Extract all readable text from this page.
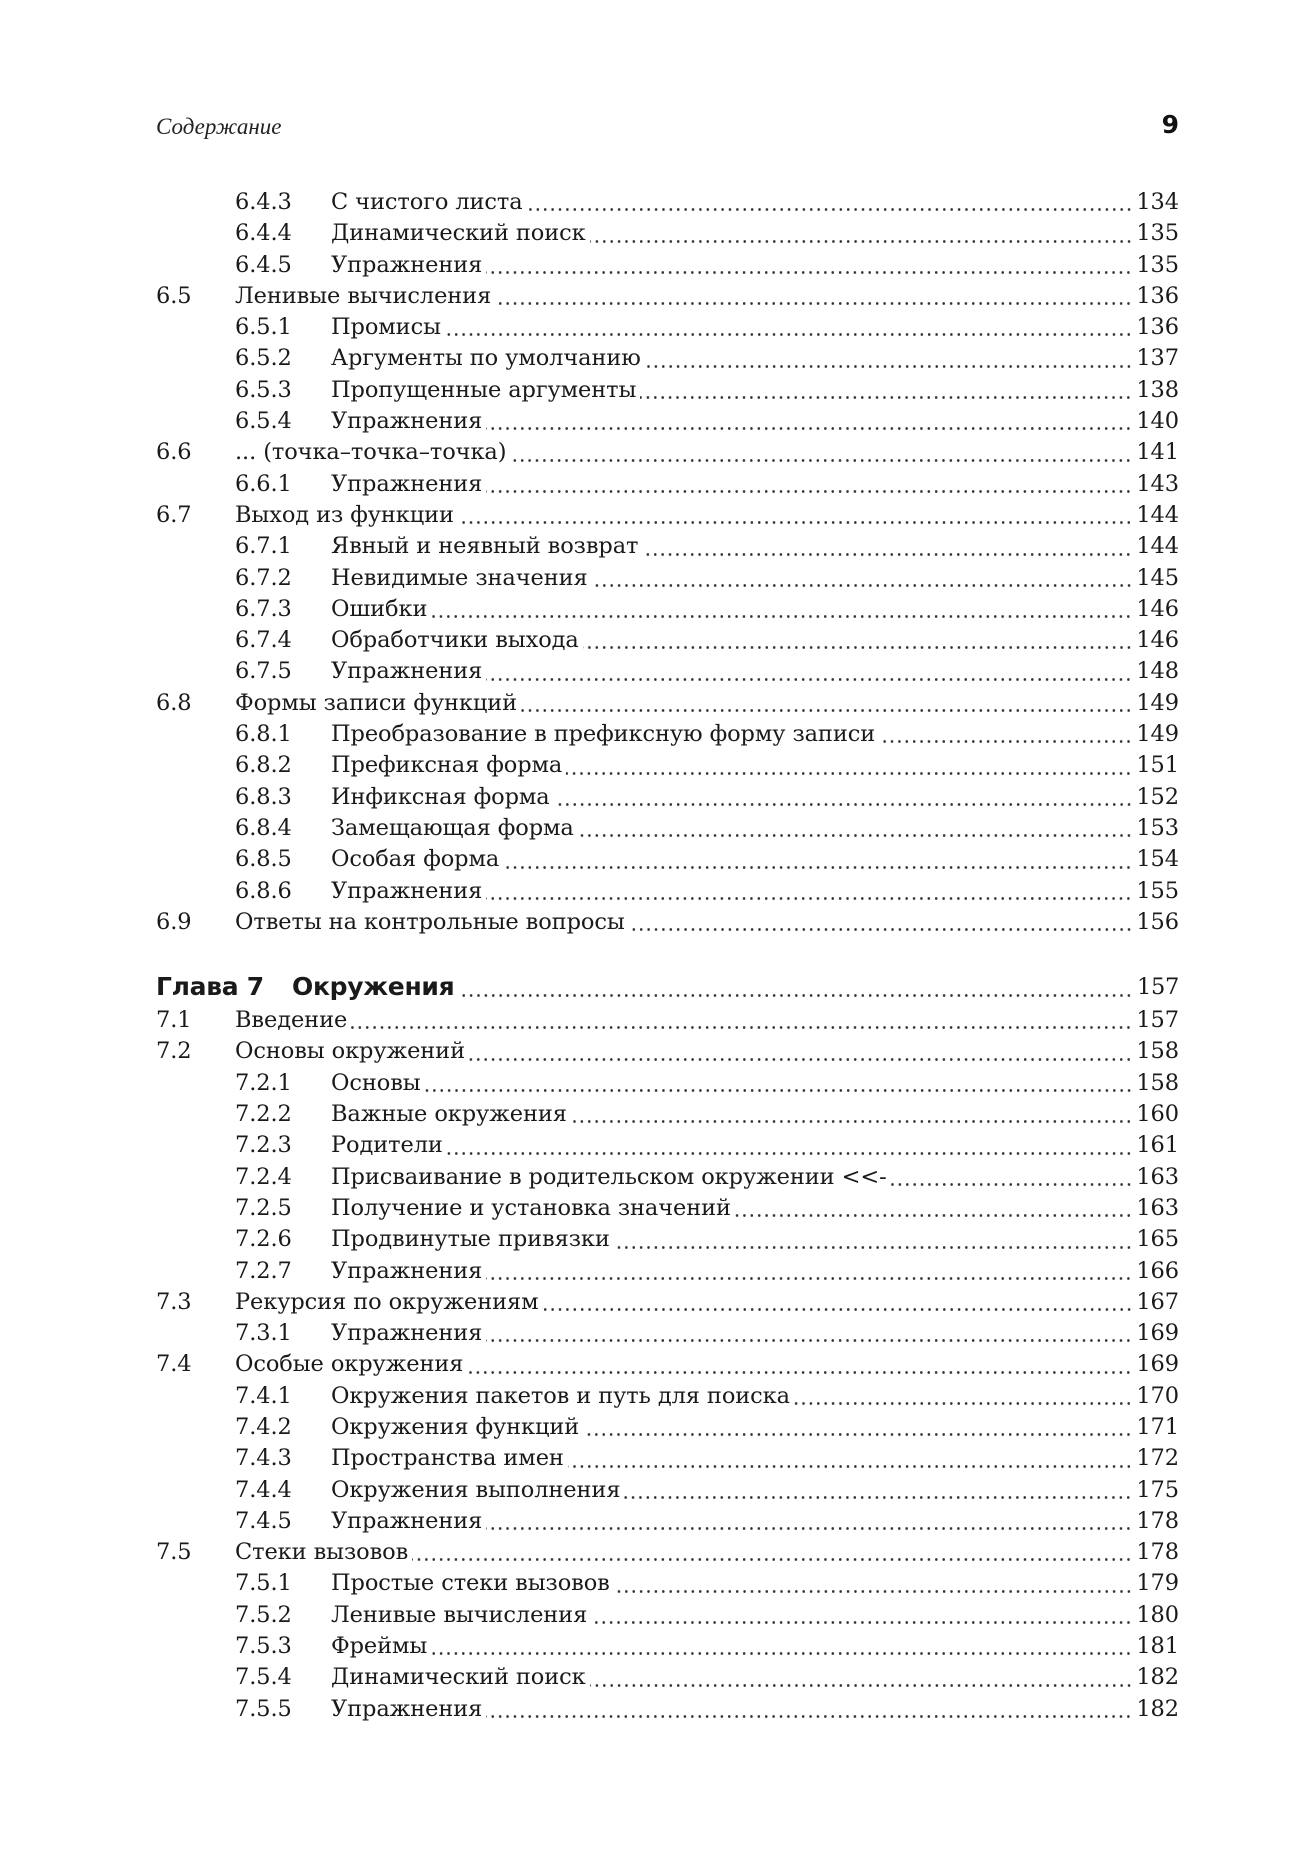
Содержание	9
6.4.3	С чистого листа	134
6.4.4	Динамический поиск	135
6.4.5	Упражнения	135
6.5	Ленивые вычисления	136
6.5.1	Промисы	136
6.5.2	Аргументы по умолчанию	137
6.5.3	Пропущенные аргументы	138
6.5.4	Упражнения	140
6.6	... (точка–точка–точка)	141
6.6.1	Упражнения	143
6.7	Выход из функции	144
6.7.1	Явный и неявный возврат	144
6.7.2	Невидимые значения	145
6.7.3	Ошибки	146
6.7.4	Обработчики выхода	146
6.7.5	Упражнения	148
6.8	Формы записи функций	149
6.8.1	Преобразование в префиксную форму записи	149
6.8.2	Префиксная форма	151
6.8.3	Инфиксная форма	152
6.8.4	Замещающая форма	153
6.8.5	Особая форма	154
6.8.6	Упражнения	155
6.9	Ответы на контрольные вопросы	156
Глава 7	Окружения	157
7.1	Введение	157
7.2	Основы окружений	158
7.2.1	Основы	158
7.2.2	Важные окружения	160
7.2.3	Родители	161
7.2.4	Присваивание в родительском окружении <<-	163
7.2.5	Получение и установка значений	163
7.2.6	Продвинутые привязки	165
7.2.7	Упражнения	166
7.3	Рекурсия по окружениям	167
7.3.1	Упражнения	169
7.4	Особые окружения	169
7.4.1	Окружения пакетов и путь для поиска	170
7.4.2	Окружения функций	171
7.4.3	Пространства имен	172
7.4.4	Окружения выполнения	175
7.4.5	Упражнения	178
7.5	Стеки вызовов	178
7.5.1	Простые стеки вызовов	179
7.5.2	Ленивые вычисления	180
7.5.3	Фреймы	181
7.5.4	Динамический поиск	182
7.5.5	Упражнения	182
